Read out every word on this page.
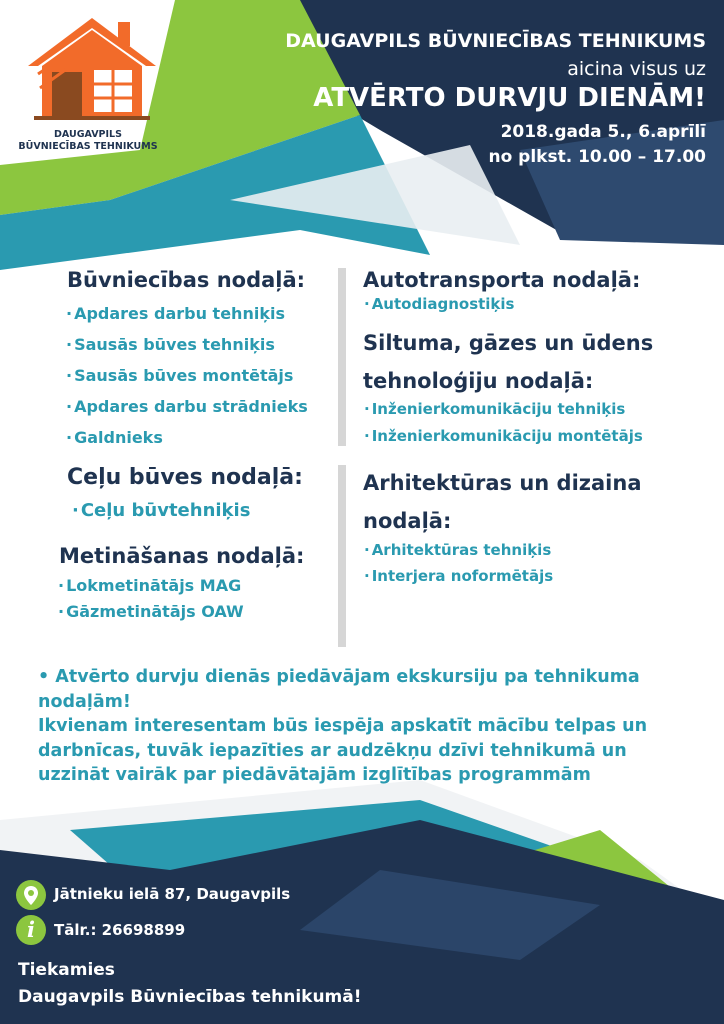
DAUGAVPILS
BŪVNIECĪBAS TEHNIKUMS
DAUGAVPILS BŪVNIECĪBAS TEHNIKUMS
aicina visus uz
ATVĒRTO DURVJU DIENĀM!
2018.gada 5., 6.aprīlī
no plkst. 10.00 – 17.00
Būvniecības nodaļā:
· Apdares darbu tehniķis
· Sausās būves tehniķis
· Sausās būves montētājs
· Apdares darbu strādnieks
· Galdnieks
Ceļu būves nodaļā:
· Ceļu būvtehniķis
Metināšanas nodaļā:
· Lokmetinātājs MAG
· Gāzmetinātājs OAW
Autotransporta nodaļā:
· Autodiagnostiķis
Siltuma, gāzes un ūdens
tehnoloģiju nodaļā:
· Inženierkomunikāciju tehniķis
· Inženierkomunikāciju montētājs
Arhitektūras un dizaina
nodaļā:
· Arhitektūras tehniķis
· Interjera noformētājs
• Atvērto durvju dienās piedāvājam ekskursiju pa tehnikuma nodaļām!
Ikvienam interesentam būs iespēja apskatīt mācību telpas un darbnīcas, tuvāk iepazīties ar audzēkņu dzīvi tehnikumā un uzzināt vairāk par piedāvātajām izglītības programmām
Jātnieku ielā 87, Daugavpils
i	Tālr.: 26698899
Tiekamies
Daugavpils Būvniecības tehnikumā!
